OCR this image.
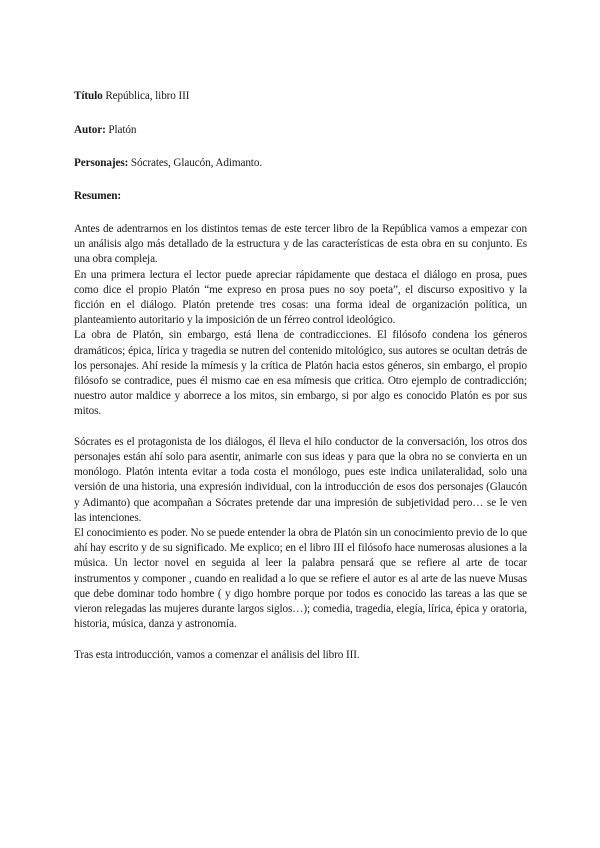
Título República, libro III

Autor: Platón

Personajes: Sócrates, Glaucón, Adimanto.

Resumen:

Antes de adentrarnos en los distintos temas de este tercer libro de la República vamos a empezar con un análisis algo más detallado de la estructura y de las características de esta obra en su conjunto. Es una obra compleja.

En una primera lectura el lector puede apreciar rápidamente que destaca el diálogo en prosa, pues como dice el propio Platón “me expreso en prosa pues no soy poeta”, el discurso expositivo y la ficción en el diálogo. Platón pretende tres cosas: una forma ideal de organización política, un planteamiento autoritario y la imposición de un férreo control ideológico.

La obra de Platón, sin embargo, está llena de contradicciones. El filósofo condena los géneros dramáticos; épica, lírica y tragedia se nutren del contenido mitológico, sus autores se ocultan detrás de los personajes. Ahí reside la mímesis y la crítica de Platón hacia estos géneros, sin embargo, el propio filósofo se contradice, pues él mismo cae en esa mímesis que critica. Otro ejemplo de contradicción; nuestro autor maldice y aborrece a los mitos, sin embargo, si por algo es conocido Platón es por sus mitos.

Sócrates es el protagonista de los diálogos, él lleva el hilo conductor de la conversación, los otros dos personajes están ahí solo para asentir, animarle con sus ideas y para que la obra no se convierta en un monólogo. Platón intenta evitar a toda costa el monólogo, pues este indica unilateralidad, solo una versión de una historia, una expresión individual, con la introducción de esos dos personajes (Glaucón y Adimanto) que acompañan a Sócrates pretende dar una impresión de subjetividad pero… se le ven las intenciones.

El conocimiento es poder. No se puede entender la obra de Platón sin un conocimiento previo de lo que ahí hay escrito y de su significado. Me explico; en el libro III el filósofo hace numerosas alusiones a la música. Un lector novel en seguida al leer la palabra pensará que se refiere al arte de tocar instrumentos y componer , cuando en realidad a lo que se refiere el autor es al arte de las nueve Musas que debe dominar todo hombre ( y digo hombre porque por todos es conocido las tareas a las que se vieron relegadas las mujeres durante largos siglos…); comedia, tragedia, elegía, lírica, épica y oratoria, historia, música, danza y astronomía.

Tras esta introducción, vamos a comenzar el análisis del libro III.
